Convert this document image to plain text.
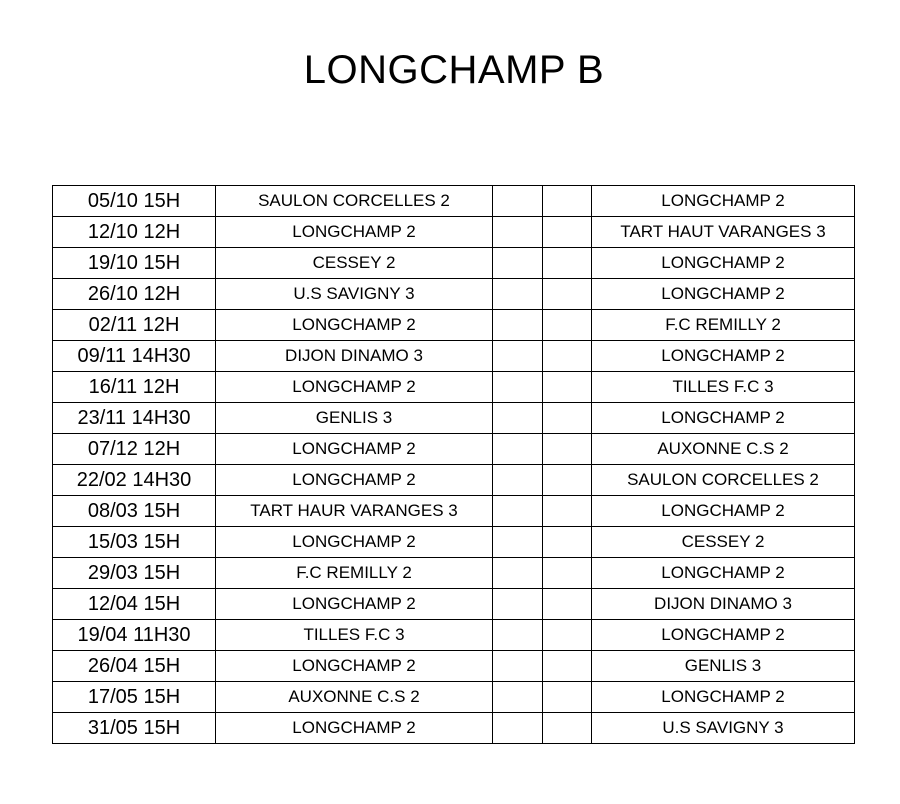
LONGCHAMP B
05/10 15H	SAULON CORCELLES 2			LONGCHAMP 2
12/10 12H	LONGCHAMP 2			TART HAUT VARANGES 3
19/10 15H	CESSEY 2			LONGCHAMP 2
26/10 12H	U.S SAVIGNY 3			LONGCHAMP 2
02/11 12H	LONGCHAMP 2			F.C REMILLY 2
09/11 14H30	DIJON DINAMO 3			LONGCHAMP 2
16/11 12H	LONGCHAMP 2			TILLES F.C 3
23/11 14H30	GENLIS 3			LONGCHAMP 2
07/12 12H	LONGCHAMP 2			AUXONNE C.S 2
22/02 14H30	LONGCHAMP 2			SAULON CORCELLES 2
08/03 15H	TART HAUR VARANGES 3			LONGCHAMP 2
15/03 15H	LONGCHAMP 2			CESSEY 2
29/03 15H	F.C REMILLY 2			LONGCHAMP 2
12/04 15H	LONGCHAMP 2			DIJON DINAMO 3
19/04 11H30	TILLES F.C 3			LONGCHAMP 2
26/04 15H	LONGCHAMP 2			GENLIS 3
17/05 15H	AUXONNE C.S 2			LONGCHAMP 2
31/05 15H	LONGCHAMP 2			U.S SAVIGNY 3
